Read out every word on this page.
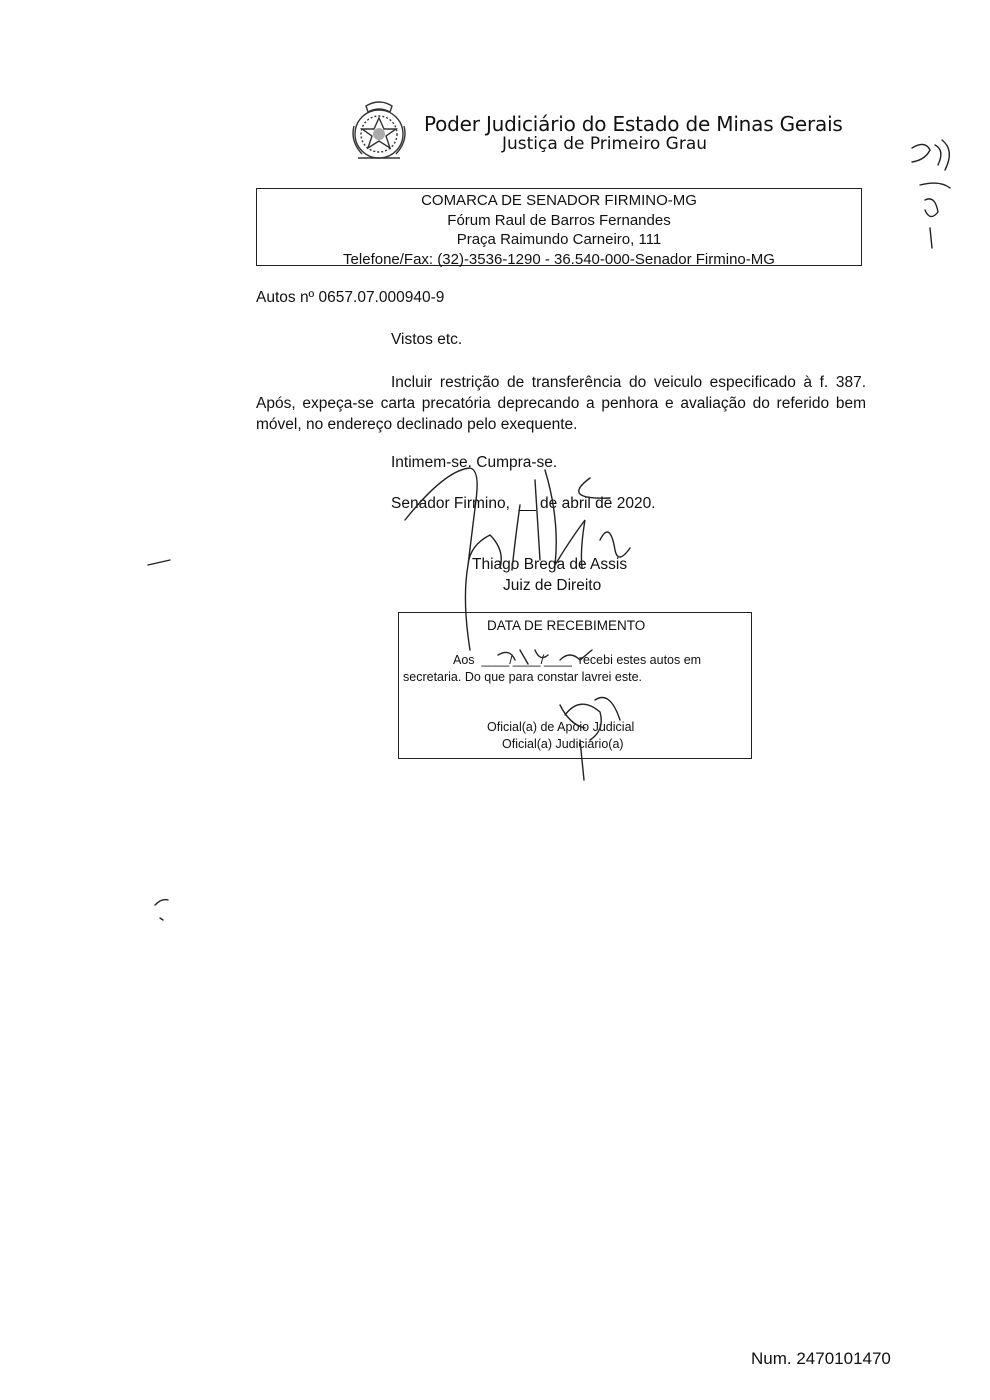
Poder Judiciário do Estado de Minas Gerais
Justiça de Primeiro Grau
COMARCA DE SENADOR FIRMINO-MG
Fórum Raul de Barros Fernandes
Praça Raimundo Carneiro, 111
Telefone/Fax: (32)-3536-1290 - 36.540-000-Senador Firmino-MG
Autos nº 0657.07.000940-9
Vistos etc.
Incluir restrição de transferência do veiculo especificado à f. 387. Após, expeça-se carta precatória deprecando a penhora e avaliação do referido bem móvel, no endereço declinado pelo exequente.
Intimem-se. Cumpra-se.
Senador Firmino,  __ de abril de 2020.
Thiago Brega de Assis
Juiz de Direito
DATA DE RECEBIMENTO
Aos  ____/____/____  recebi estes autos em
secretaria. Do que para constar lavrei este.
Oficial(a) de Apoio Judicial
Oficial(a) Judiciário(a)
Num. 2470101470
